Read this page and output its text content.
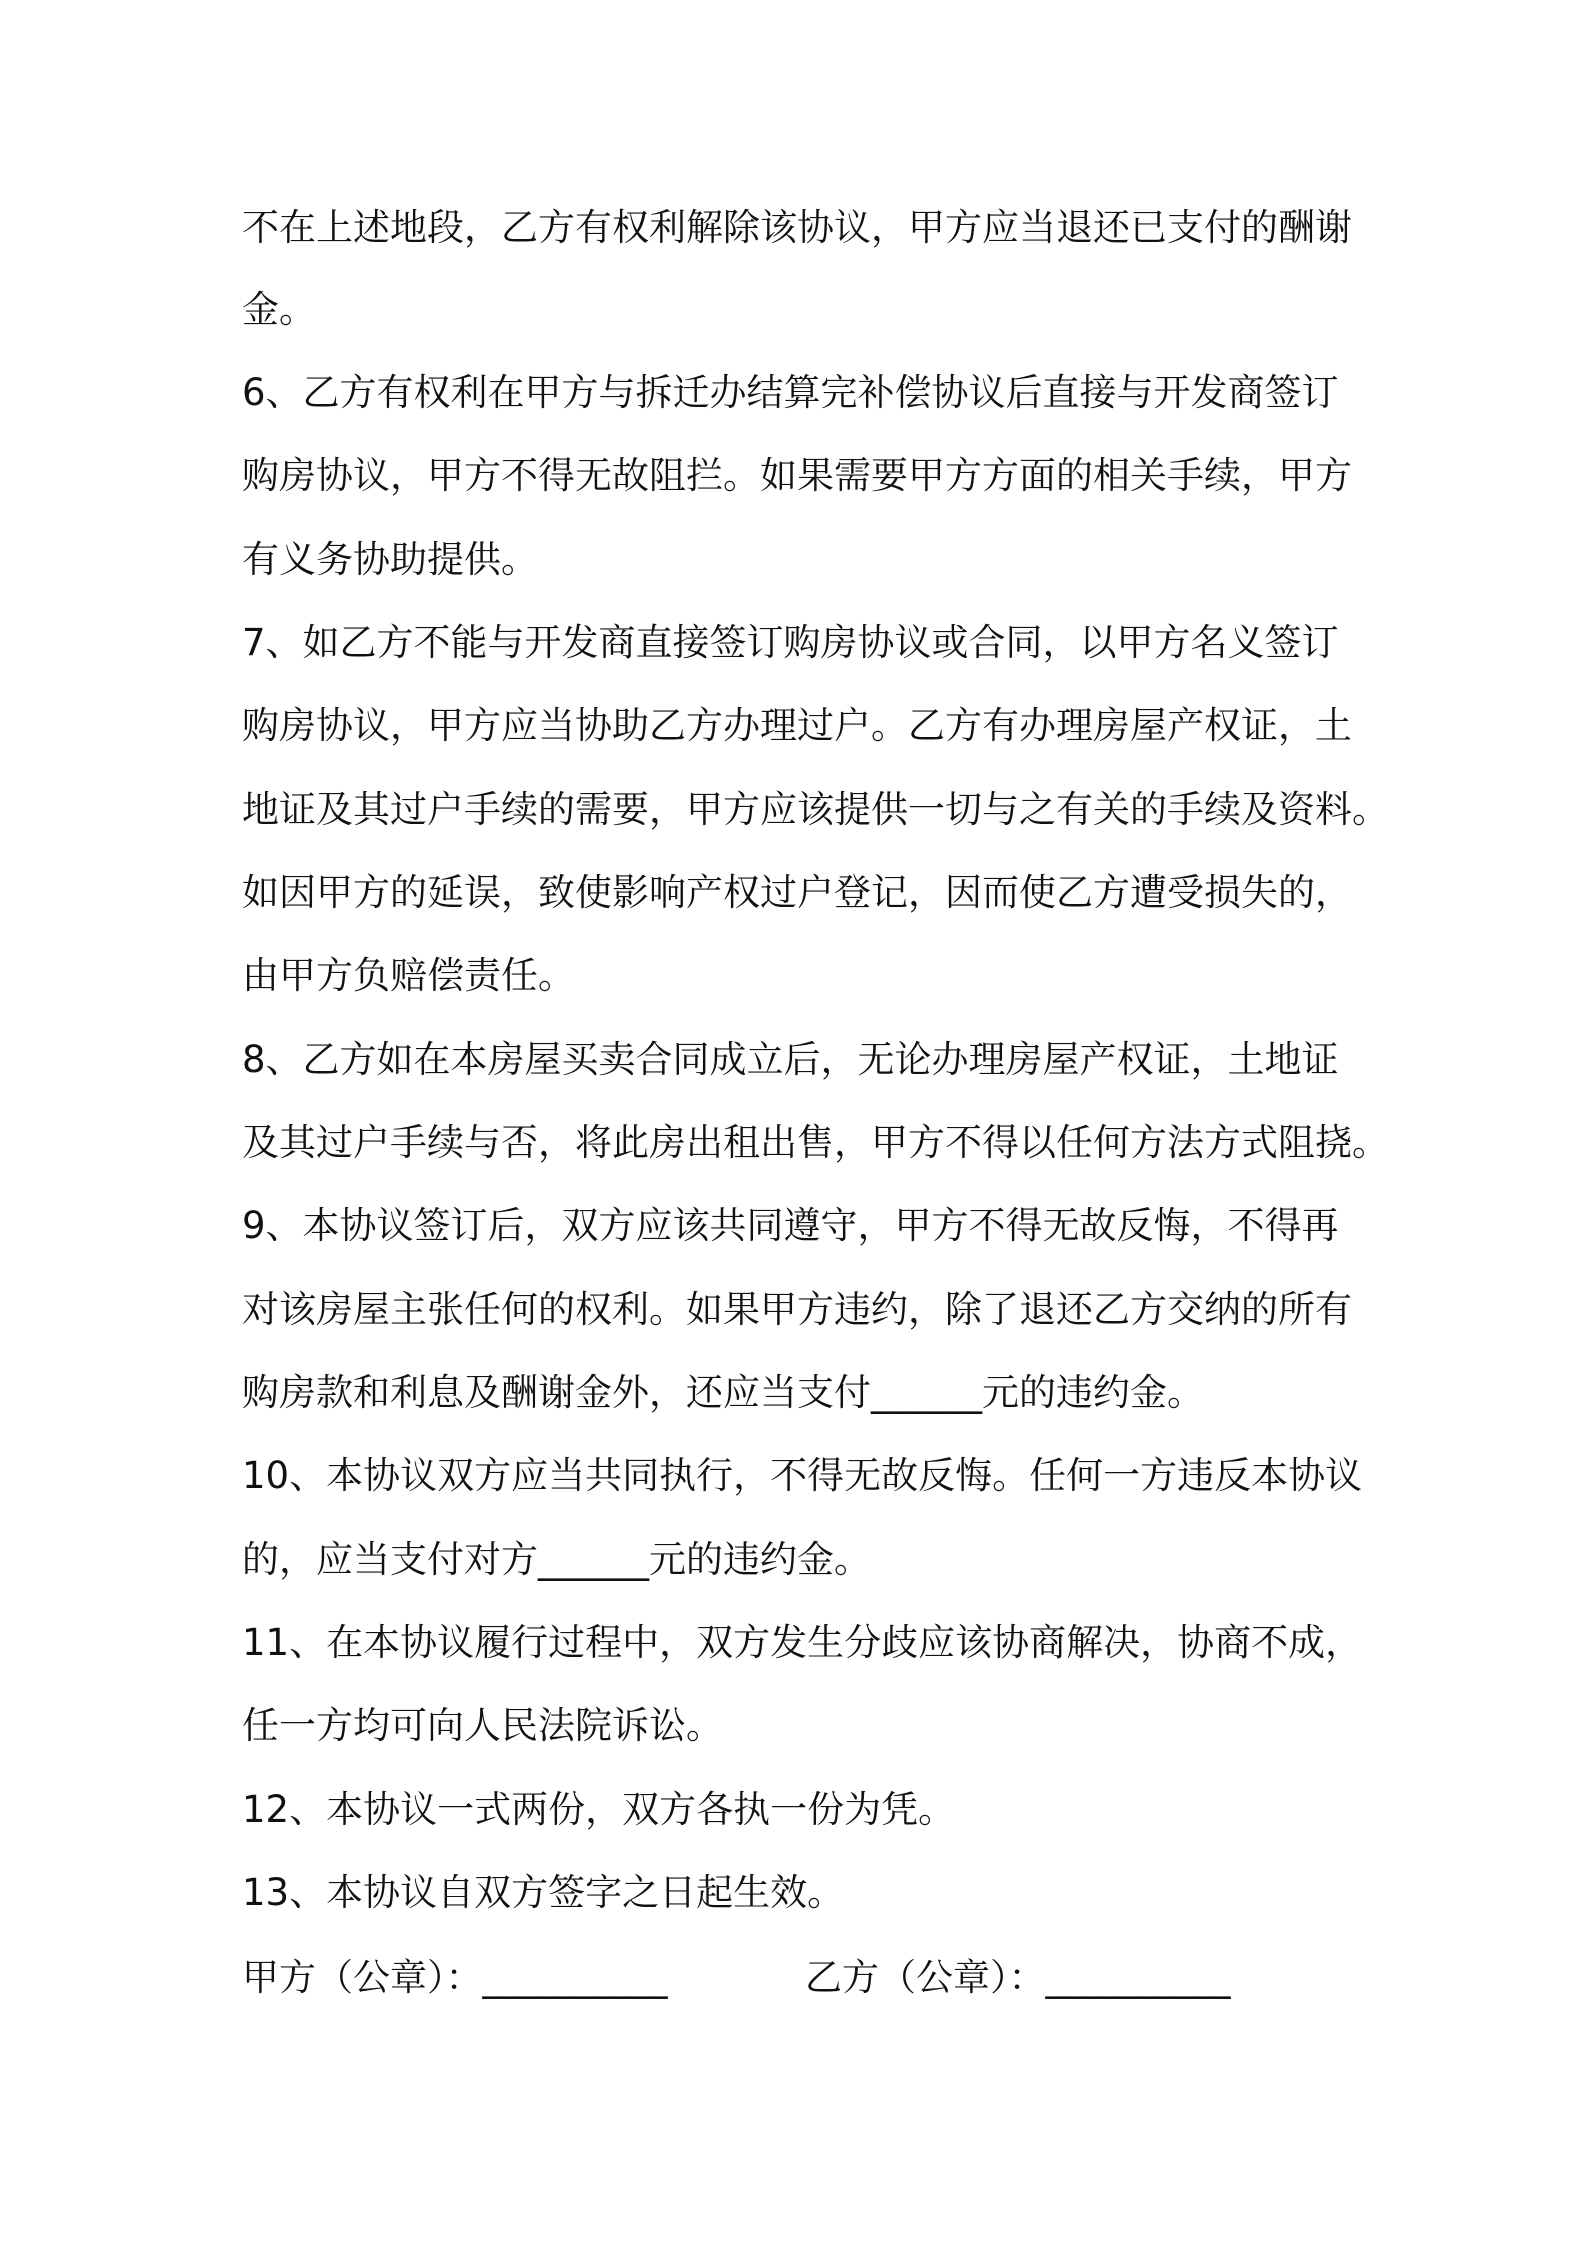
不在上述地段，乙方有权利解除该协议，甲方应当退还已支付的酬谢
金。
6、乙方有权利在甲方与拆迁办结算完补偿协议后直接与开发商签订
购房协议，甲方不得无故阻拦。如果需要甲方方面的相关手续，甲方
有义务协助提供。
7、如乙方不能与开发商直接签订购房协议或合同，以甲方名义签订
购房协议，甲方应当协助乙方办理过户。乙方有办理房屋产权证，土
地证及其过户手续的需要，甲方应该提供一切与之有关的手续及资料。
如因甲方的延误，致使影响产权过户登记，因而使乙方遭受损失的，
由甲方负赔偿责任。
8、乙方如在本房屋买卖合同成立后，无论办理房屋产权证，土地证
及其过户手续与否，将此房出租出售，甲方不得以任何方法方式阻挠。
9、本协议签订后，双方应该共同遵守，甲方不得无故反悔，不得再
对该房屋主张任何的权利。如果甲方违约，除了退还乙方交纳的所有
购房款和利息及酬谢金外，还应当支付______元的违约金。
10、本协议双方应当共同执行，不得无故反悔。任何一方违反本协议
的，应当支付对方______元的违约金。
11、在本协议履行过程中，双方发生分歧应该协商解决，协商不成，
任一方均可向人民法院诉讼。
12、本协议一式两份，双方各执一份为凭。
13、本协议自双方签字之日起生效。
甲方（公章）：__________	乙方（公章）：__________
